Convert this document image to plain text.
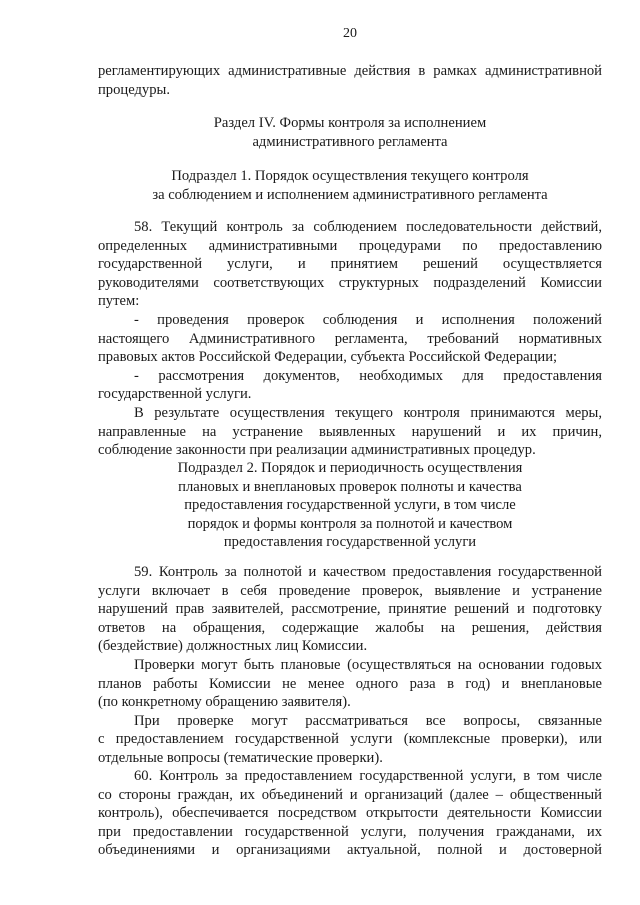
20
регламентирующих административные действия в рамках административной
процедуры.
Раздел IV. Формы контроля за исполнением
административного регламента
Подраздел 1. Порядок осуществления текущего контроля
за соблюдением и исполнением административного регламента
58. Текущий контроль за соблюдением последовательности действий,
определенных административными процедурами по предоставлению
государственной услуги, и принятием решений осуществляется
руководителями соответствующих структурных подразделений Комиссии
путем:
- проведения проверок соблюдения и исполнения положений
настоящего Административного регламента, требований нормативных
правовых актов Российской Федерации, субъекта Российской Федерации;
- рассмотрения документов, необходимых для предоставления
государственной услуги.
В результате осуществления текущего контроля принимаются меры,
направленные на устранение выявленных нарушений и их причин,
соблюдение законности при реализации административных процедур.
Подраздел 2. Порядок и периодичность осуществления
плановых и внеплановых проверок полноты и качества
предоставления государственной услуги, в том числе
порядок и формы контроля за полнотой и качеством
предоставления государственной услуги
59. Контроль за полнотой и качеством предоставления государственной
услуги включает в себя проведение проверок, выявление и устранение
нарушений прав заявителей, рассмотрение, принятие решений и подготовку
ответов на обращения, содержащие жалобы на решения, действия
(бездействие) должностных лиц Комиссии.
Проверки могут быть плановые (осуществляться на основании годовых
планов работы Комиссии не менее одного раза в год) и внеплановые
(по конкретному обращению заявителя).
При проверке могут рассматриваться все вопросы, связанные
с предоставлением государственной услуги (комплексные проверки), или
отдельные вопросы (тематические проверки).
60. Контроль за предоставлением государственной услуги, в том числе
со стороны граждан, их объединений и организаций (далее – общественный
контроль), обеспечивается посредством открытости деятельности Комиссии
при предоставлении государственной услуги, получения гражданами, их
объединениями и организациями актуальной, полной и достоверной
